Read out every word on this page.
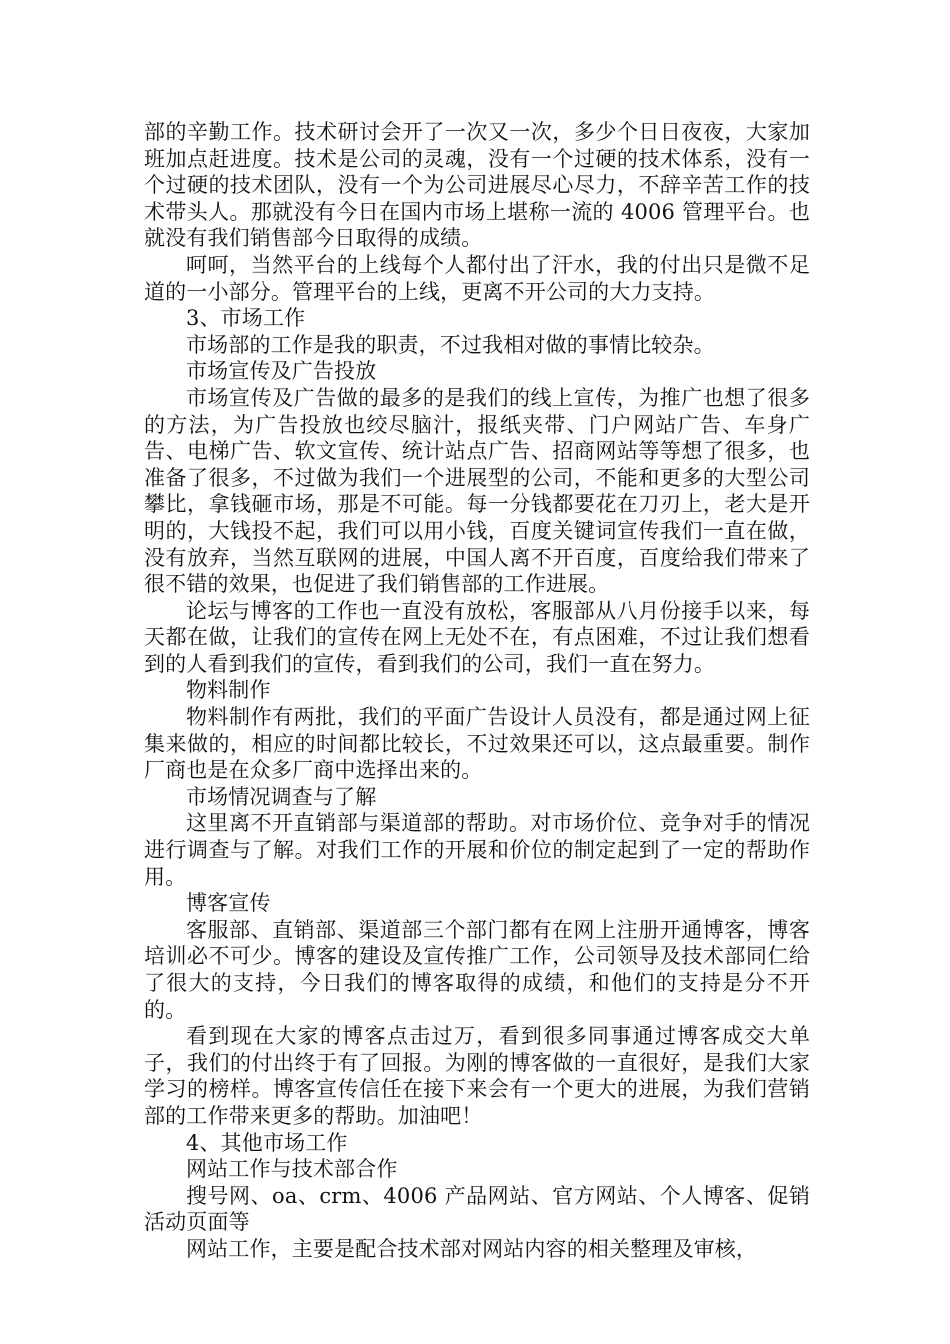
部的辛勤工作。技术研讨会开了一次又一次，多少个日日夜夜，大家加班加点赶进度。技术是公司的灵魂，没有一个过硬的技术体系，没有一个过硬的技术团队，没有一个为公司进展尽心尽力，不辞辛苦工作的技术带头人。那就没有今日在国内市场上堪称一流的 4006 管理平台。也就没有我们销售部今日取得的成绩。

呵呵，当然平台的上线每个人都付出了汗水，我的付出只是微不足道的一小部分。管理平台的上线，更离不开公司的大力支持。

3、市场工作

市场部的工作是我的职责，不过我相对做的事情比较杂。

市场宣传及广告投放

市场宣传及广告做的最多的是我们的线上宣传，为推广也想了很多的方法，为广告投放也绞尽脑汁，报纸夹带、门户网站广告、车身广告、电梯广告、软文宣传、统计站点广告、招商网站等等想了很多，也准备了很多，不过做为我们一个进展型的公司，不能和更多的大型公司攀比，拿钱砸市场，那是不可能。每一分钱都要花在刀刃上，老大是开明的，大钱投不起，我们可以用小钱，百度关键词宣传我们一直在做，没有放弃，当然互联网的进展，中国人离不开百度，百度给我们带来了很不错的效果，也促进了我们销售部的工作进展。

论坛与博客的工作也一直没有放松，客服部从八月份接手以来，每天都在做，让我们的宣传在网上无处不在，有点困难，不过让我们想看到的人看到我们的宣传，看到我们的公司，我们一直在努力。

物料制作

物料制作有两批，我们的平面广告设计人员没有，都是通过网上征集来做的，相应的时间都比较长，不过效果还可以，这点最重要。制作厂商也是在众多厂商中选择出来的。

市场情况调查与了解

这里离不开直销部与渠道部的帮助。对市场价位、竞争对手的情况进行调查与了解。对我们工作的开展和价位的制定起到了一定的帮助作用。

博客宣传

客服部、直销部、渠道部三个部门都有在网上注册开通博客，博客培训必不可少。博客的建设及宣传推广工作，公司领导及技术部同仁给了很大的支持，今日我们的博客取得的成绩，和他们的支持是分不开的。

看到现在大家的博客点击过万，看到很多同事通过博客成交大单子，我们的付出终于有了回报。为刚的博客做的一直很好，是我们大家学习的榜样。博客宣传信任在接下来会有一个更大的进展，为我们营销部的工作带来更多的帮助。加油吧！

4、其他市场工作

网站工作与技术部合作

搜号网、oa、crm、4006 产品网站、官方网站、个人博客、促销活动页面等

网站工作，主要是配合技术部对网站内容的相关整理及审核，
